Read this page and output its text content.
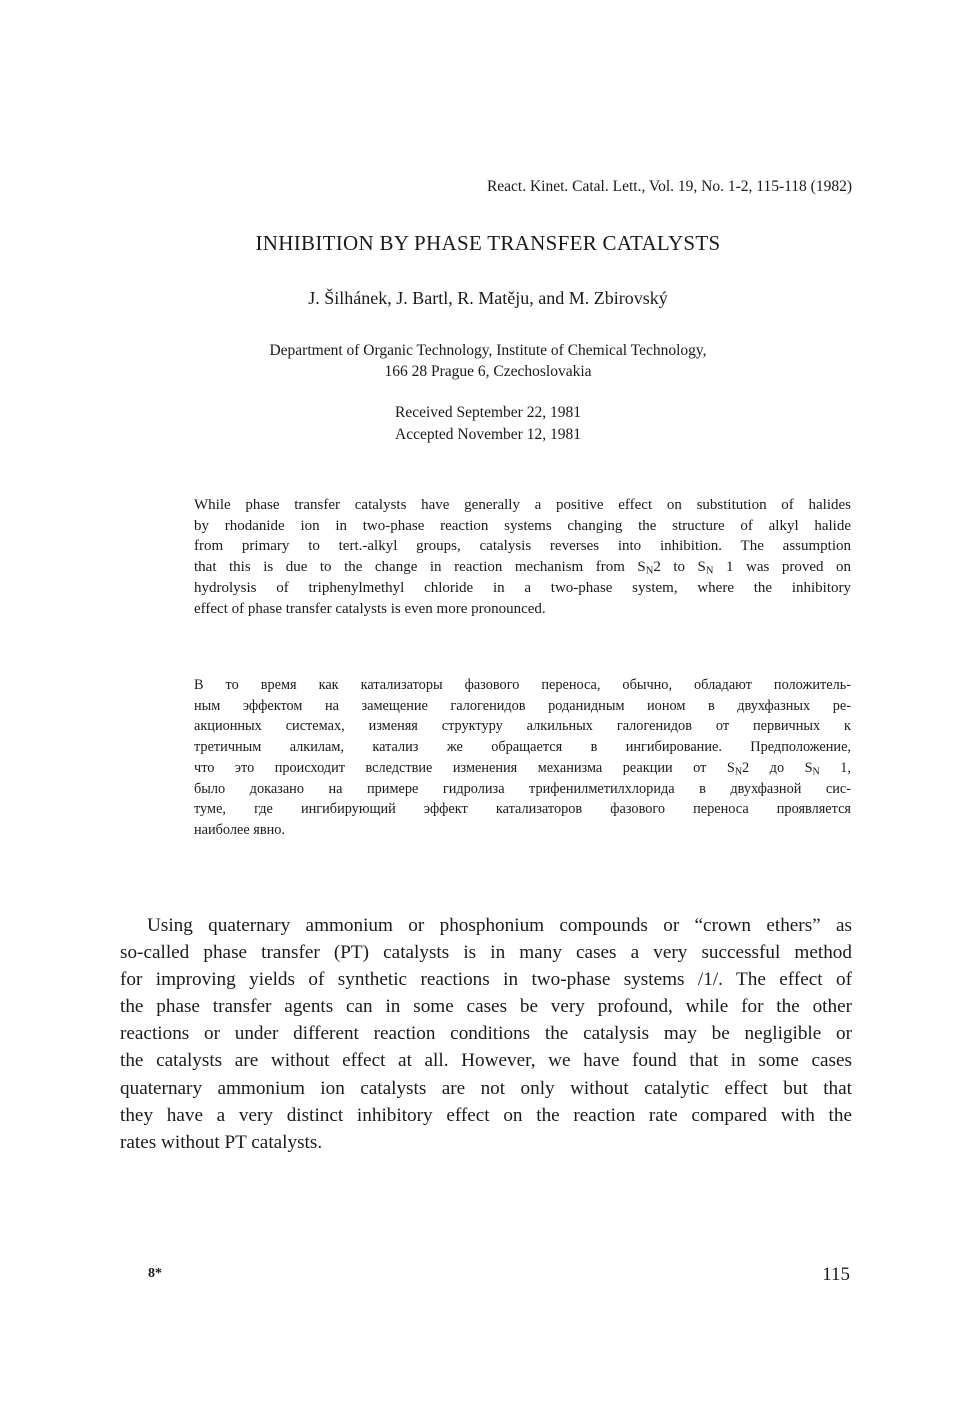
React. Kinet. Catal. Lett., Vol. 19, No. 1-2, 115-118 (1982)
INHIBITION BY PHASE TRANSFER CATALYSTS
J. Šilhánek, J. Bartl, R. Matěju, and M. Zbirovský
Department of Organic Technology, Institute of Chemical Technology,
166 28 Prague 6, Czechoslovakia
Received September 22, 1981
Accepted November 12, 1981
While phase transfer catalysts have generally a positive effect on substitution of halides
by rhodanide ion in two-phase reaction systems changing the structure of alkyl halide
from primary to tert.-alkyl groups, catalysis reverses into inhibition. The assumption
that this is due to the change in reaction mechanism from $S_N2$ to $S_N$ 1 was proved on
hydrolysis of triphenylmethyl chloride in a two-phase system, where the inhibitory
effect of phase transfer catalysts is even more pronounced.
В то время как катализаторы фазового переноса, обычно, обладают положитель-
ным эффектом на замещение галогенидов роданидным ионом в двухфазных ре-
акционных системах, изменяя структуру алкильных галогенидов от первичных к
третичным алкилам, катализ же обращается в ингибирование. Предположение,
что это происходит вследствие изменения механизма реакции от $S_N2$ до $S_N$ 1,
было доказано на примере гидролиза трифенилметилхлорида в двухфазной сис-
туме, где ингибирующий эффект катализаторов фазового переноса проявляется
наиболее явно.
Using quaternary ammonium or phosphonium compounds or “crown ethers” as
so-called phase transfer (PT) catalysts is in many cases a very successful method
for improving yields of synthetic reactions in two-phase systems /1/. The effect of
the phase transfer agents can in some cases be very profound, while for the other
reactions or under different reaction conditions the catalysis may be negligible or
the catalysts are without effect at all. However, we have found that in some cases
quaternary ammonium ion catalysts are not only without catalytic effect but that
they have a very distinct inhibitory effect on the reaction rate compared with the
rates without PT catalysts.
8*	115
